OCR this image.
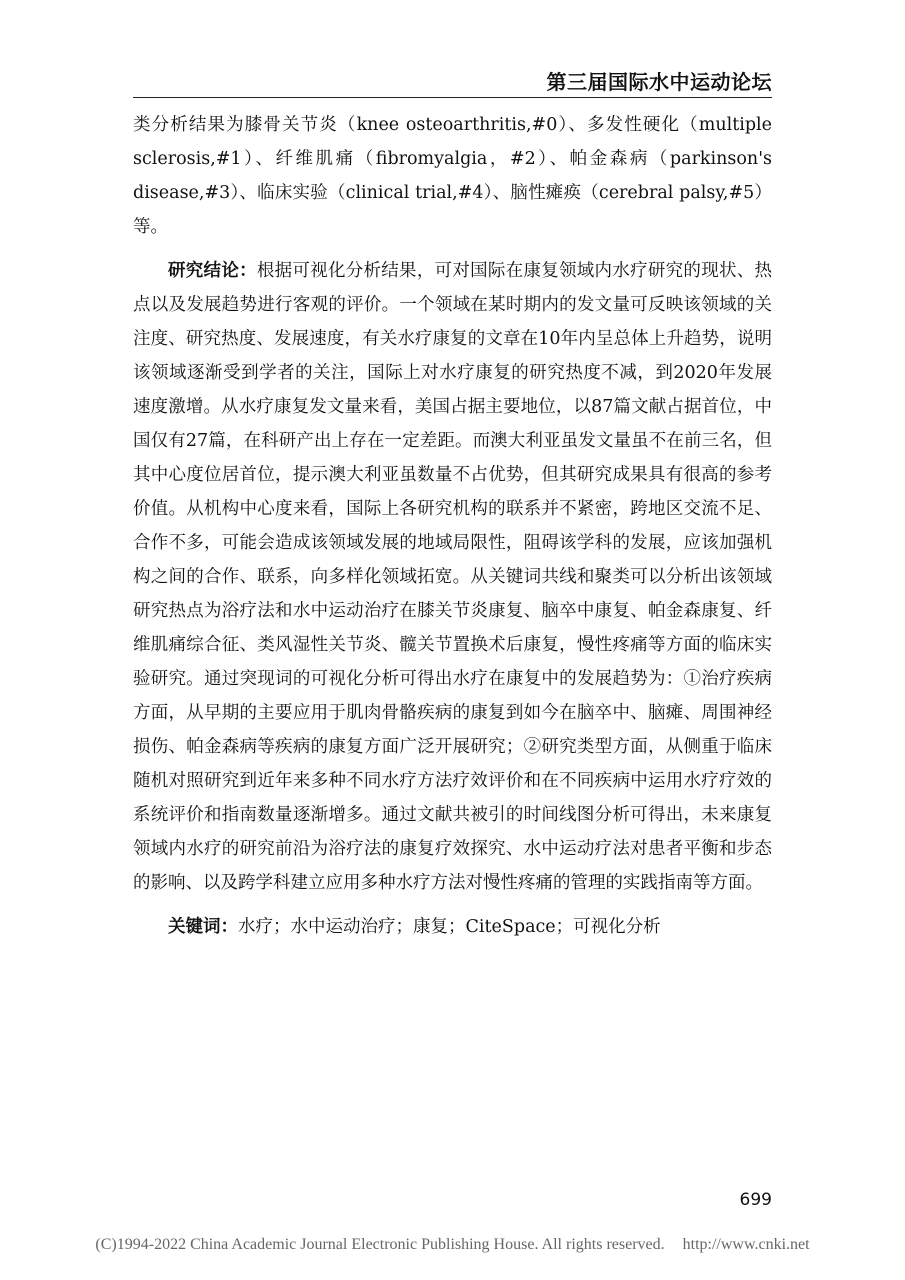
第三届国际水中运动论坛

类分析结果为膝骨关节炎（knee osteoarthritis,#0）、多发性硬化（multiple sclerosis,#1）、纤维肌痛（fibromyalgia，#2）、帕金森病（parkinson's disease,#3）、临床实验（clinical trial,#4）、脑性瘫痪（cerebral palsy,#5）等。

研究结论：根据可视化分析结果，可对国际在康复领域内水疗研究的现状、热点以及发展趋势进行客观的评价。一个领域在某时期内的发文量可反映该领域的关注度、研究热度、发展速度，有关水疗康复的文章在10年内呈总体上升趋势，说明该领域逐渐受到学者的关注，国际上对水疗康复的研究热度不减，到2020年发展速度激增。从水疗康复发文量来看，美国占据主要地位，以87篇文献占据首位，中国仅有27篇，在科研产出上存在一定差距。而澳大利亚虽发文量虽不在前三名，但其中心度位居首位，提示澳大利亚虽数量不占优势，但其研究成果具有很高的参考价值。从机构中心度来看，国际上各研究机构的联系并不紧密，跨地区交流不足、合作不多，可能会造成该领域发展的地域局限性，阻碍该学科的发展，应该加强机构之间的合作、联系，向多样化领域拓宽。从关键词共线和聚类可以分析出该领域研究热点为浴疗法和水中运动治疗在膝关节炎康复、脑卒中康复、帕金森康复、纤维肌痛综合征、类风湿性关节炎、髋关节置换术后康复，慢性疼痛等方面的临床实验研究。通过突现词的可视化分析可得出水疗在康复中的发展趋势为：①治疗疾病方面，从早期的主要应用于肌肉骨骼疾病的康复到如今在脑卒中、脑瘫、周围神经损伤、帕金森病等疾病的康复方面广泛开展研究；②研究类型方面，从侧重于临床随机对照研究到近年来多种不同水疗方法疗效评价和在不同疾病中运用水疗疗效的系统评价和指南数量逐渐增多。通过文献共被引的时间线图分析可得出，未来康复领域内水疗的研究前沿为浴疗法的康复疗效探究、水中运动疗法对患者平衡和步态的影响、以及跨学科建立应用多种水疗方法对慢性疼痛的管理的实践指南等方面。

关键词：水疗；水中运动治疗；康复；CiteSpace；可视化分析

699
(C)1994-2022 China Academic Journal Electronic Publishing House. All rights reserved. http://www.cnki.net
